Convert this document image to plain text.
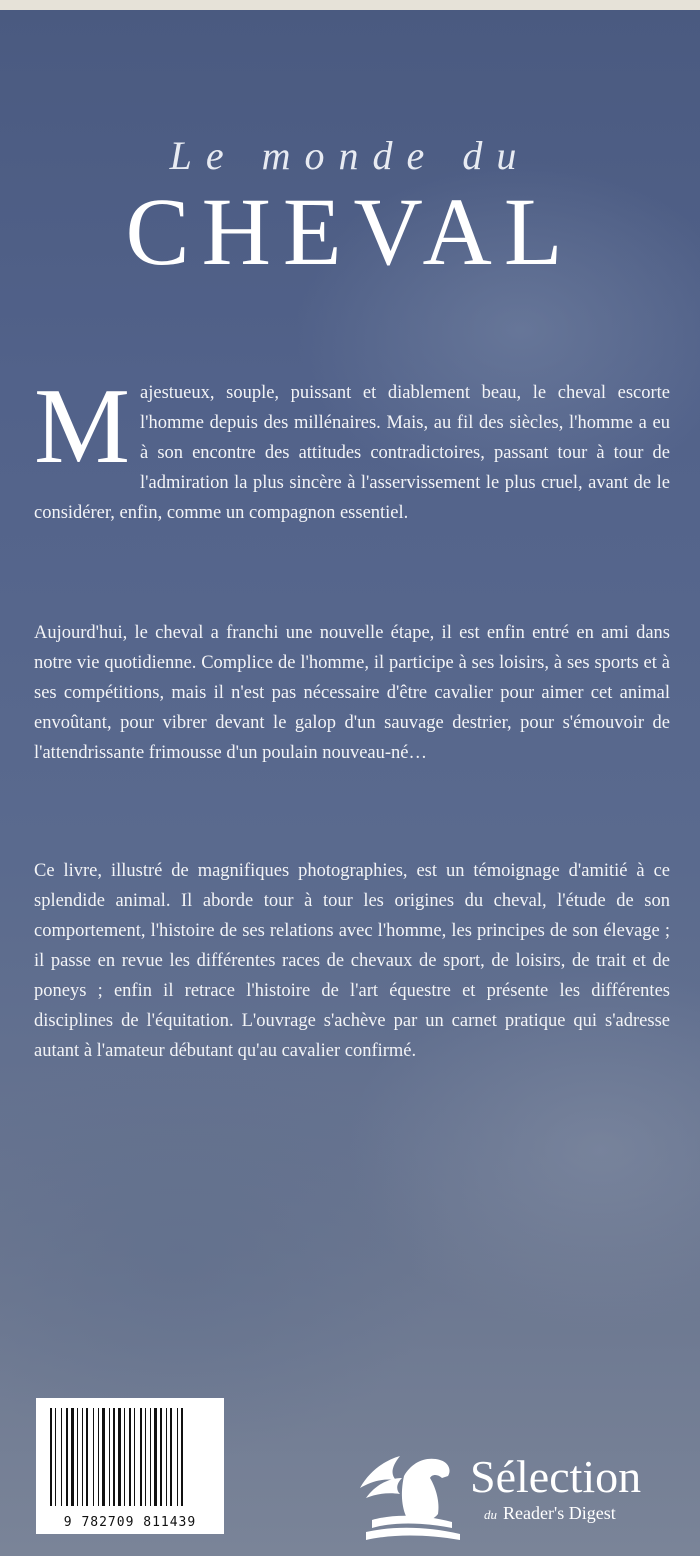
Le monde du
CHEVAL

Majestueux, souple, puissant et diablement beau, le cheval escorte l'homme depuis des millénaires. Mais, au fil des siècles, l'homme a eu à son encontre des attitudes contradictoires, passant tour à tour de l'admiration la plus sincère à l'asservissement le plus cruel, avant de le considérer, enfin, comme un compagnon essentiel.

Aujourd'hui, le cheval a franchi une nouvelle étape, il est enfin entré en ami dans notre vie quotidienne. Complice de l'homme, il participe à ses loisirs, à ses sports et à ses compétitions, mais il n'est pas nécessaire d'être cavalier pour aimer cet animal envoûtant, pour vibrer devant le galop d'un sauvage destrier, pour s'émouvoir de l'attendrissante frimousse d'un poulain nouveau-né…

Ce livre, illustré de magnifiques photographies, est un témoignage d'amitié à ce splendide animal. Il aborde tour à tour les origines du cheval, l'étude de son comportement, l'histoire de ses relations avec l'homme, les principes de son élevage ; il passe en revue les différentes races de chevaux de sport, de loisirs, de trait et de poneys ; enfin il retrace l'histoire de l'art équestre et présente les différentes disciplines de l'équitation. L'ouvrage s'achève par un carnet pratique qui s'adresse autant à l'amateur débutant qu'au cavalier confirmé.

9 782709 811439
Sélection
du Reader's Digest
